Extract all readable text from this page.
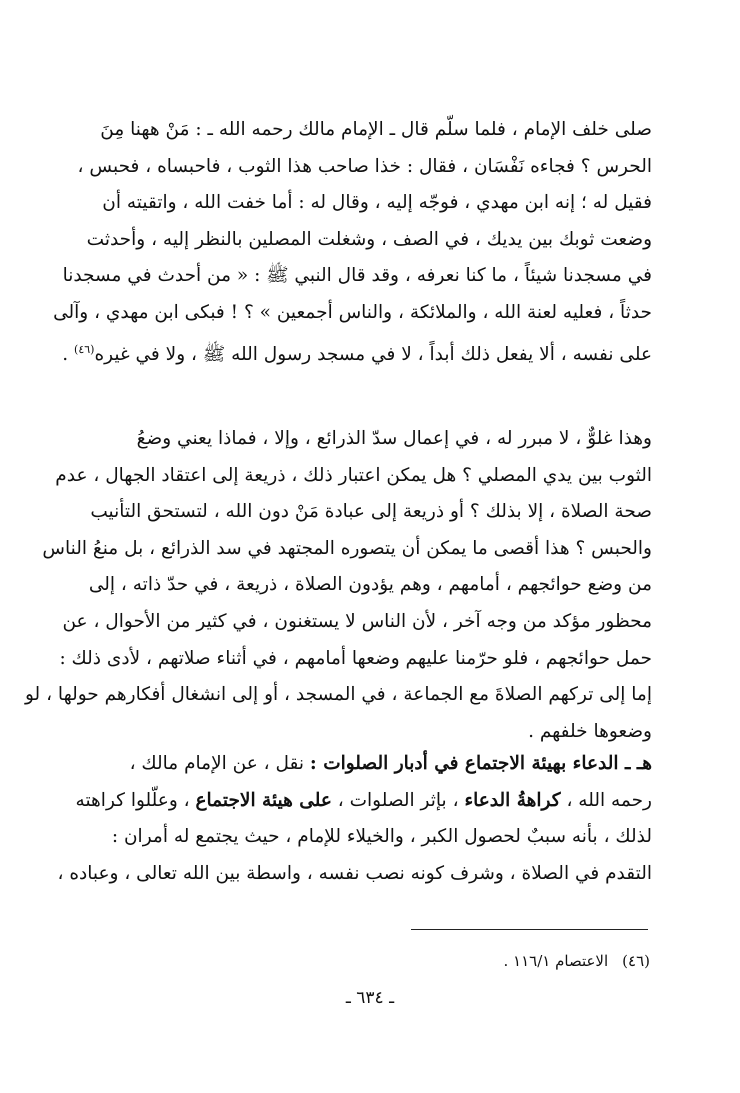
صلى خلف الإمام ، فلما سلّم قال ـ الإمام مالك رحمه الله ـ : مَنْ ههنا مِنَ
الحرس ؟ فجاءه نَفْسَان ، فقال : خذا صاحب هذا الثوب ، فاحبساه ، فحبس ،
فقيل له ؛ إنه ابن مهدي ، فوجّه إليه ، وقال له : أما خفت الله ، واتقيته أن
وضعت ثوبك بين يديك ، في الصف ، وشغلت المصلين بالنظر إليه ، وأحدثت
في مسجدنا شيئاً ، ما كنا نعرفه ، وقد قال النبي ﷺ : « من أحدث في مسجدنا
حدثاً ، فعليه لعنة الله ، والملائكة ، والناس أجمعين » ؟ ! فبكى ابن مهدي ، وآلى
على نفسه ، ألا يفعل ذلك أبداً ، لا في مسجد رسول الله ﷺ ، ولا في غيره$^{(٤٦)}$ .
وهذا غلوٌّ ، لا مبرر له ، في إعمال سدّ الذرائع ، وإلا ، فماذا يعني وضعُ
الثوب بين يدي المصلي ؟ هل يمكن اعتبار ذلك ، ذريعة إلى اعتقاد الجهال ، عدم
صحة الصلاة ، إلا بذلك ؟ أو ذريعة إلى عبادة مَنْ دون الله ، لتستحق التأنيب
والحبس ؟ هذا أقصى ما يمكن أن يتصوره المجتهد في سد الذرائع ، بل منعُ الناس
من وضع حوائجهم ، أمامهم ، وهم يؤدون الصلاة ، ذريعة ، في حدّ ذاته ، إلى
محظور مؤكد من وجه آخر ، لأن الناس لا يستغنون ، في كثير من الأحوال ، عن
حمل حوائجهم ، فلو حرّمنا عليهم وضعها أمامهم ، في أثناء صلاتهم ، لأدى ذلك :
إما إلى تركهم الصلاةَ مع الجماعة ، في المسجد ، أو إلى انشغال أفكارهم حولها ، لو
وضعوها خلفهم .
هـ ـ الدعاء بهيئة الاجتماع في أدبار الصلوات : نقل ، عن الإمام مالك ،
رحمه الله ، كراهةُ الدعاء ، بإثر الصلوات ، على هيئة الاجتماع ، وعلّلوا كراهته
لذلك ، بأنه سببٌ لحصول الكبر ، والخيلاء للإمام ، حيث يجتمع له أمران :
التقدم في الصلاة ، وشرف كونه نصب نفسه ، واسطة بين الله تعالى ، وعباده ،
(٤٦)الاعتصام ١١٦/١ .
ـ ٦٣٤ ـ
